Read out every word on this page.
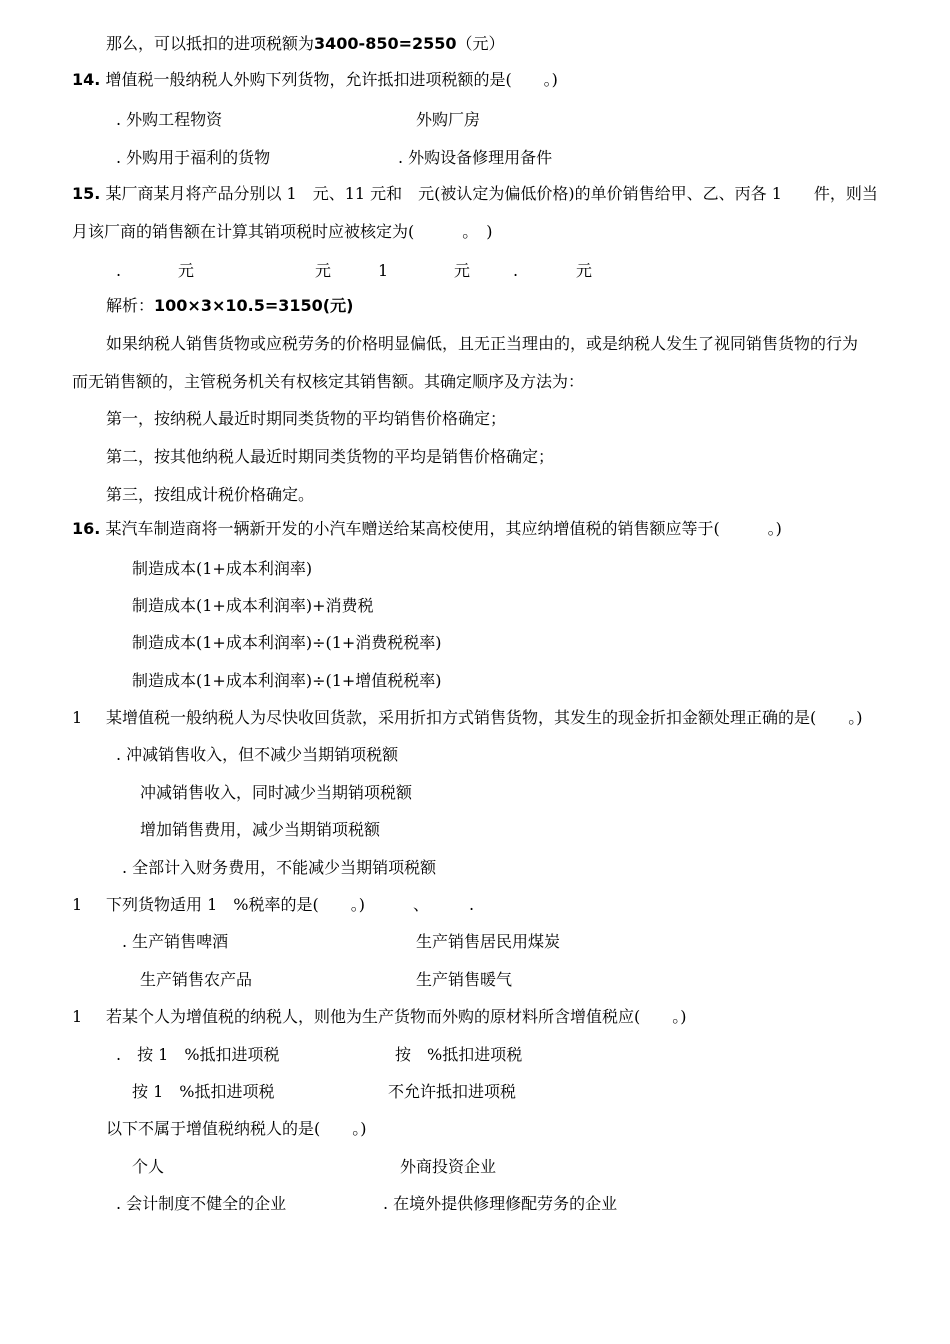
那么，可以抵扣的进项税额为3400-850=2550（元）
14. 增值税一般纳税人外购下列货物，允许抵扣进项税额的是(　　。)
. 外购工程物资	外购厂房
. 外购用于福利的货物	. 外购设备修理用备件
15. 某厂商某月将产品分别以 1　元、11 元和　元(被认定为偏低价格)的单价销售给甲、乙、丙各 1　　件，则当
月该厂商的销售额在计算其销项税时应被核定为(　　　。　)
.	元	元	1	元	.	元
解析：100×3×10.5=3150(元)
如果纳税人销售货物或应税劳务的价格明显偏低，且无正当理由的，或是纳税人发生了视同销售货物的行为
而无销售额的，主管税务机关有权核定其销售额。其确定顺序及方法为：
第一，按纳税人最近时期同类货物的平均销售价格确定；
第二，按其他纳税人最近时期同类货物的平均是销售价格确定；
第三，按组成计税价格确定。
16. 某汽车制造商将一辆新开发的小汽车赠送给某高校使用，其应纳增值税的销售额应等于(　　　。)
制造成本(1+成本利润率)
制造成本(1+成本利润率)+消费税
制造成本(1+成本利润率)÷(1+消费税税率)
制造成本(1+成本利润率)÷(1+增值税税率)
1 某增值税一般纳税人为尽快收回货款，采用折扣方式销售货物，其发生的现金折扣金额处理正确的是(　　。)
. 冲减销售收入，但不减少当期销项税额
冲减销售收入，同时减少当期销项税额
增加销售费用，减少当期销项税额
. 全部计入财务费用，不能减少当期销项税额
1 下列货物适用 1　%税率的是(　　。)　　　、　　　.
. 生产销售啤酒	生产销售居民用煤炭
生产销售农产品	生产销售暖气
1 若某个人为增值税的纳税人，则他为生产货物而外购的原材料所含增值税应(　　。)
.　按 1　%抵扣进项税	按　%抵扣进项税
按 1　%抵扣进项税	不允许抵扣进项税
以下不属于增值税纳税人的是(　　。)
个人	外商投资企业
. 会计制度不健全的企业	. 在境外提供修理修配劳务的企业
